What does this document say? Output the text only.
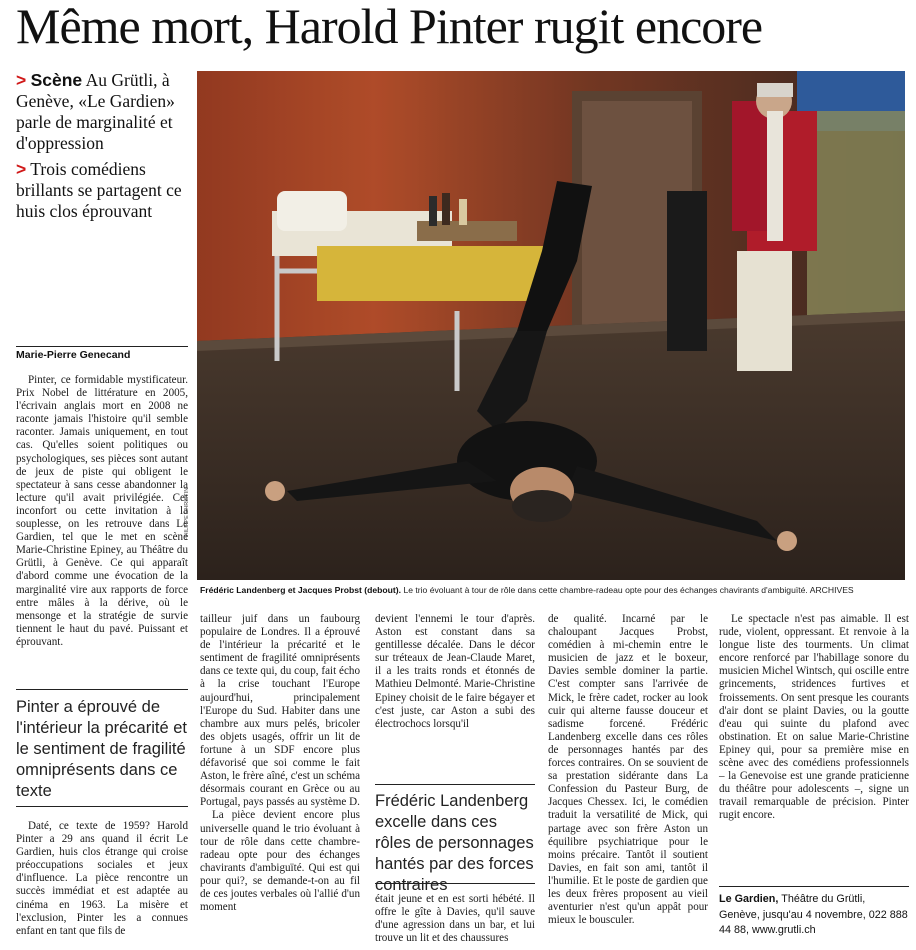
Même mort, Harold Pinter rugit encore
> Scène Au Grütli, à Genève, «Le Gardien» parle de marginalité et d'oppression
> Trois comédiens brillants se partagent ce huis clos éprouvant
Marie-Pierre Genecand

Pinter, ce formidable mystificateur. Prix Nobel de littérature en 2005, l'écrivain anglais mort en 2008 ne raconte jamais l'histoire qu'il semble raconter. Jamais uniquement, en tout cas. Qu'elles soient politiques ou psychologiques, ses pièces sont autant de jeux de piste qui obligent le spectateur à sans cesse abandonner la lecture qu'il avait privilégiée. Cet inconfort ou cette invitation à la souplesse, on les retrouve dans Le Gardien, tel que le met en scène Marie-Christine Epiney, au Théâtre du Grütli, à Genève. Ce qui apparaît d'abord comme une évocation de la marginalité vire aux rapports de force entre mâles à la dérive, où le mensonge et la stratégie de survie tiennent le haut du pavé. Puissant et éprouvant.

Pinter a éprouvé de l'intérieur la précarité et le sentiment de fragilité omniprésents dans ce texte

Daté, ce texte de 1959? Harold Pinter a 29 ans quand il écrit Le Gardien, huis clos étrange qui croise préoccupations sociales et jeux d'influence. La pièce rencontre un succès immédiat et est adaptée au cinéma en 1963. La misère et l'exclusion, Pinter les a connues enfant en tant que fils de

PHILIPPE CHRISTIN
Frédéric Landenberg et Jacques Probst (debout). Le trio évoluant à tour de rôle dans cette chambre-radeau opte pour des échanges chavirants d'ambiguïté. ARCHIVES

tailleur juif dans un faubourg populaire de Londres. Il a éprouvé de l'intérieur la précarité et le sentiment de fragilité omniprésents dans ce texte qui, du coup, fait écho à la crise touchant l'Europe aujourd'hui, principalement l'Europe du Sud. Habiter dans une chambre aux murs pelés, bricoler des objets usagés, offrir un lit de fortune à un SDF encore plus défavorisé que soi comme le fait Aston, le frère aîné, c'est un schéma désormais courant en Grèce ou au Portugal, pays passés au système D.

La pièce devient encore plus universelle quand le trio évoluant à tour de rôle dans cette chambre-radeau opte pour des échanges chavirants d'ambiguïté. Qui est qui pour qui?, se demande-t-on au fil de ces joutes verbales où l'allié d'un moment

devient l'ennemi le tour d'après. Aston est constant dans sa gentillesse décalée. Dans le décor sur tréteaux de Jean-Claude Maret, il a les traits ronds et étonnés de Mathieu Delmonté. Marie-Christine Epiney choisit de le faire bégayer et c'est juste, car Aston a subi des électrochocs lorsqu'il

Frédéric Landenberg excelle dans ces rôles de personnages hantés par des forces contraires

était jeune et en est sorti hébété. Il offre le gîte à Davies, qu'il sauve d'une agression dans un bar, et lui trouve un lit et des chaussures

de qualité. Incarné par le chaloupant Jacques Probst, comédien à mi-chemin entre le musicien de jazz et le boxeur, Davies semble dominer la partie. C'est compter sans l'arrivée de Mick, le frère cadet, rocker au look cuir qui alterne fausse douceur et sadisme forcené. Frédéric Landenberg excelle dans ces rôles de personnages hantés par des forces contraires. On se souvient de sa prestation sidérante dans La Confession du Pasteur Burg, de Jacques Chessex. Ici, le comédien traduit la versatilité de Mick, qui partage avec son frère Aston un équilibre psychiatrique pour le moins précaire. Tantôt il soutient Davies, en fait son ami, tantôt il l'humilie. Et le poste de gardien que les deux frères proposent au vieil aventurier n'est qu'un appât pour mieux le bousculer.

Le spectacle n'est pas aimable. Il est rude, violent, oppressant. Et renvoie à la longue liste des tourments. Un climat encore renforcé par l'habillage sonore du musicien Michel Wintsch, qui oscille entre grincements, stridences furtives et froissements. On sent presque les courants d'air dont se plaint Davies, ou la goutte d'eau qui suinte du plafond avec obstination. Et on salue Marie-Christine Epiney qui, pour sa première mise en scène avec des comédiens professionnels – la Genevoise est une grande praticienne du théâtre pour adolescents –, signe un travail remarquable de précision. Pinter rugit encore.

Le Gardien, Théâtre du Grütli, Genève, jusqu'au 4 novembre, 022 888 44 88, www.grutli.ch
